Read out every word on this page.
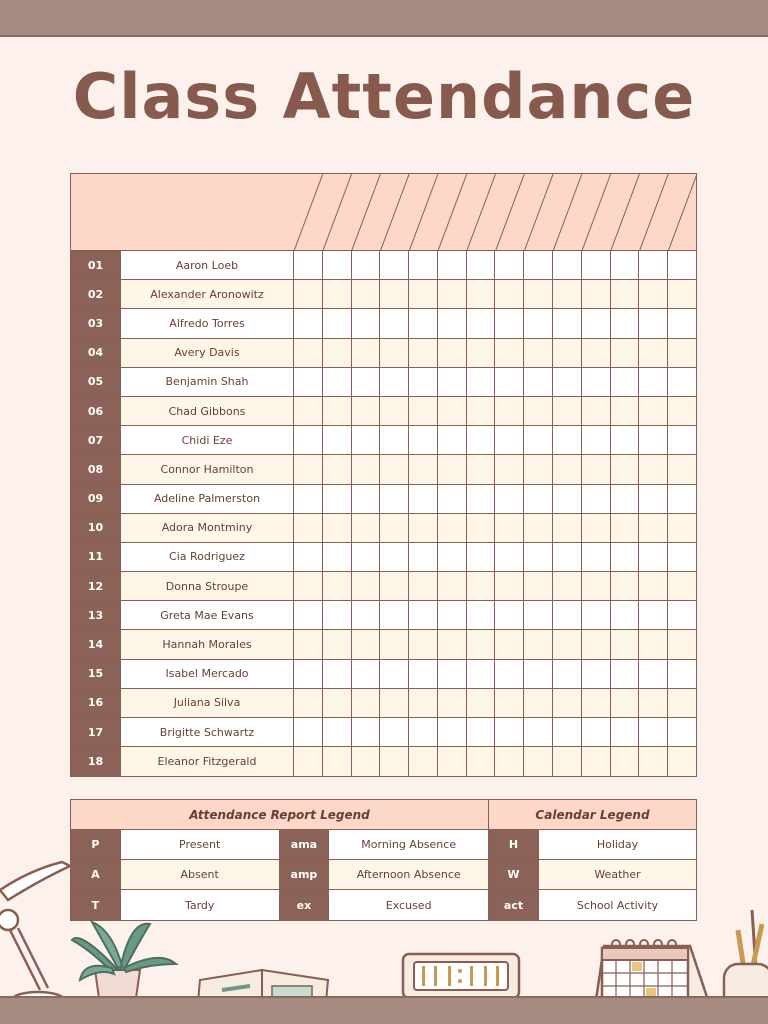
Class Attendance
01	Aaron Loeb
02	Alexander Aronowitz
03	Alfredo Torres
04	Avery Davis
05	Benjamin Shah
06	Chad Gibbons
07	Chidi Eze
08	Connor Hamilton
09	Adeline Palmerston
10	Adora Montminy
11	Cia Rodriguez
12	Donna Stroupe
13	Greta Mae Evans
14	Hannah Morales
15	Isabel Mercado
16	Juliana Silva
17	Brigitte Schwartz
18	Eleanor Fitzgerald
Attendance Report Legend
P	Present	ama	Morning Absence
A	Absent	amp	Afternoon Absence
T	Tardy	ex	Excused
Calendar Legend
H	Holiday
W	Weather
act	School Activity
